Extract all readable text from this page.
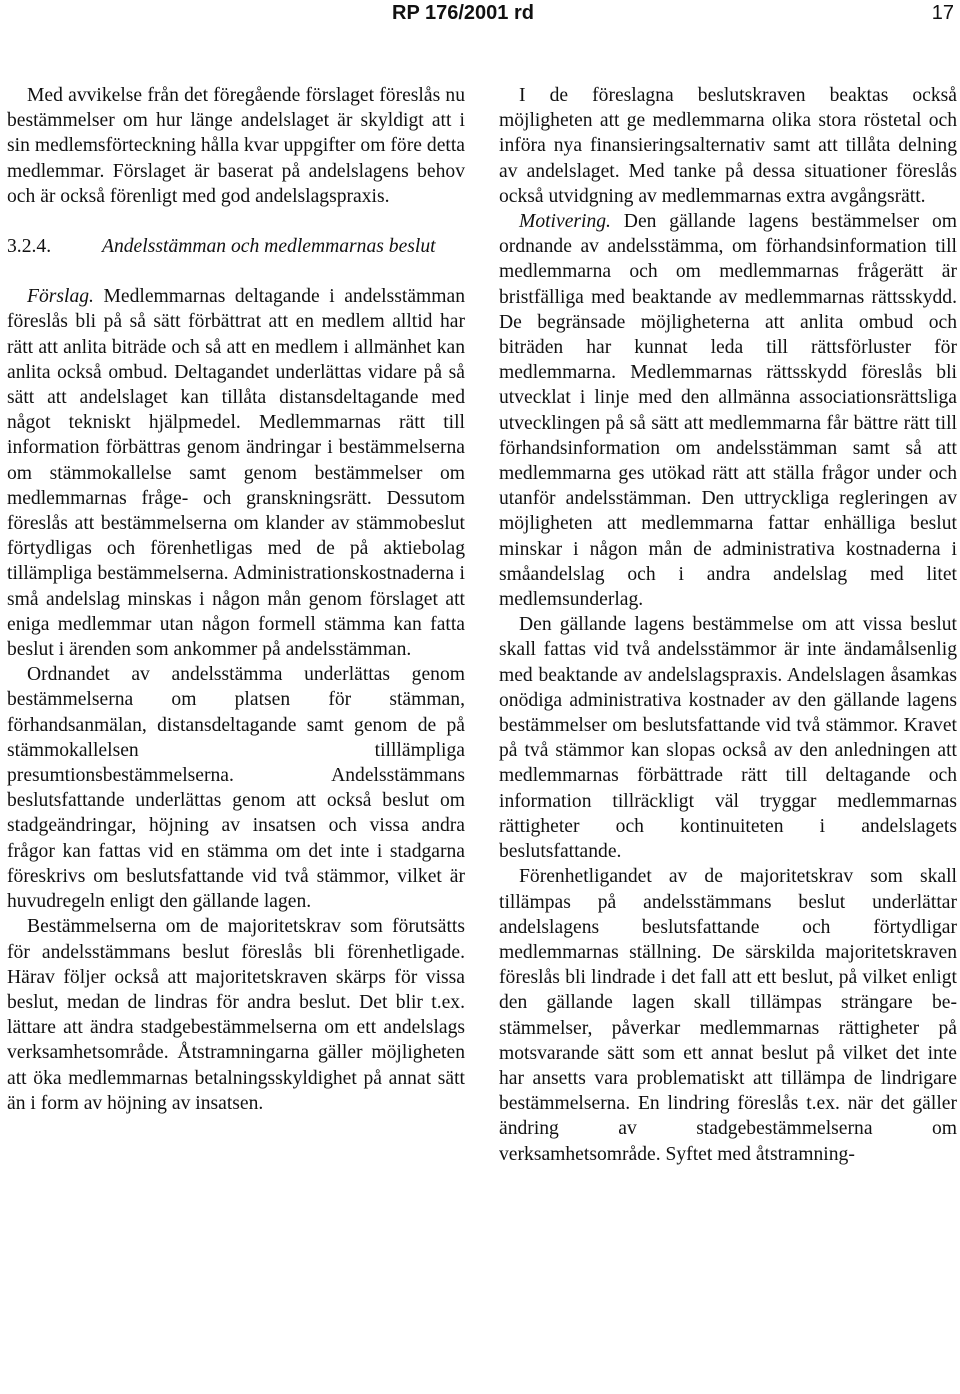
RP 176/2001 rd	17

Med avvikelse från det föregående förslaget föreslås nu bestämmelser om hur länge andelslaget är skyldigt att i sin medlemsförteckning hålla kvar uppgifter om före detta medlemmar. Förslaget är baserat på andelslagens behov och är också förenligt med god andelslagspraxis.

3.2.4.	Andelsstämman och medlemmarnas beslut

Förslag. Medlemmarnas deltagande i andelsstämman föreslås bli på så sätt förbättrat att en medlem alltid har rätt att anlita biträde och så att en medlem i allmänhet kan anlita också ombud. Deltagandet underlättas vidare på så sätt att andelslaget kan tillåta distansdeltagande med något tekniskt hjälpmedel. Medlemmarnas rätt till information förbättras genom ändringar i bestämmelserna om stämmokallelse samt genom bestämmelser om medlemmarnas fråge- och granskningsrätt. Dessutom föreslås att bestämmelserna om klander av stämmobeslut förtydligas och förenhetligas med de på aktiebolag tillämpliga bestämmelserna. Administrationskostnaderna i små andelslag minskas i någon mån genom förslaget att eniga medlemmar utan någon formell stämma kan fatta beslut i ärenden som ankommer på andelsstämman.

Ordnandet av andelsstämma underlättas genom bestämmelserna om platsen för stämman, förhandsanmälan, distansdeltagande samt genom de på stämmokallelsen tilllämpliga presumtionsbestämmelserna. Andelsstämmans beslutsfattande underlättas genom att också beslut om stadgeändringar, höjning av insatsen och vissa andra frågor kan fattas vid en stämma om det inte i stadgarna föreskrivs om beslutsfattande vid två stämmor, vilket är huvudregeln enligt den gällande lagen.

Bestämmelserna om de majoritetskrav som förutsätts för andelsstämmans beslut föreslås bli förenhetligade. Härav följer också att majoritetskraven skärps för vissa beslut, medan de lindras för andra beslut. Det blir t.ex. lättare att ändra stadgebestämmelserna om ett andelslags verksamhetsområde. Åtstramningarna gäller möjligheten att öka medlemmarnas betalningsskyldighet på annat sätt än i form av höjning av insatsen.

I de föreslagna beslutskraven beaktas också möjligheten att ge medlemmarna olika stora röstetal och införa nya finansieringsalternativ samt att tillåta delning av andelslaget. Med tanke på dessa situationer föreslås också utvidgning av medlemmarnas extra avgångsrätt.

Motivering. Den gällande lagens bestämmelser om ordnande av andelsstämma, om förhandsinformation till medlemmarna och om medlemmarnas frågerätt är bristfälliga med beaktande av medlemmarnas rättsskydd. De begränsade möjligheterna att anlita ombud och biträden har kunnat leda till rättsförluster för medlemmarna. Medlemmarnas rättsskydd föreslås bli utvecklat i linje med den allmänna associationsrättsliga utvecklingen på så sätt att medlemmarna får bättre rätt till förhandsinformation om andelsstämman samt så att medlemmarna ges utökad rätt att ställa frågor under och utanför andelsstämman. Den uttryckliga regleringen av möjligheten att medlemmarna fattar enhälliga beslut minskar i någon mån de administrativa kostnaderna i småandelslag och i andra andelslag med litet medlemsunderlag.

Den gällande lagens bestämmelse om att vissa beslut skall fattas vid två andelsstämmor är inte ändamålsenlig med beaktande av andelslagspraxis. Andelslagen åsamkas onödiga administrativa kostnader av den gällande lagens bestämmelser om beslutsfattande vid två stämmor. Kravet på två stämmor kan slopas också av den anledningen att medlemmarnas förbättrade rätt till deltagande och information tillräckligt väl tryggar medlemmarnas rättigheter och kontinuiteten i andelslagets beslutsfattande.

Förenhetligandet av de majoritetskrav som skall tillämpas på andelsstämmans beslut underlättar andelslagens beslutsfattande och förtydligar medlemmarnas ställning. De särskilda majoritetskraven föreslås bli lindrade i det fall att ett beslut, på vilket enligt den gällande lagen skall tillämpas strängare bestämmelser, påverkar medlemmarnas rättigheter på motsvarande sätt som ett annat beslut på vilket det inte har ansetts vara problematiskt att tillämpa de lindrigare bestämmelserna. En lindring föreslås t.ex. när det gäller ändring av stadgebestämmelserna om verksamhetsområde. Syftet med åtstramning-
